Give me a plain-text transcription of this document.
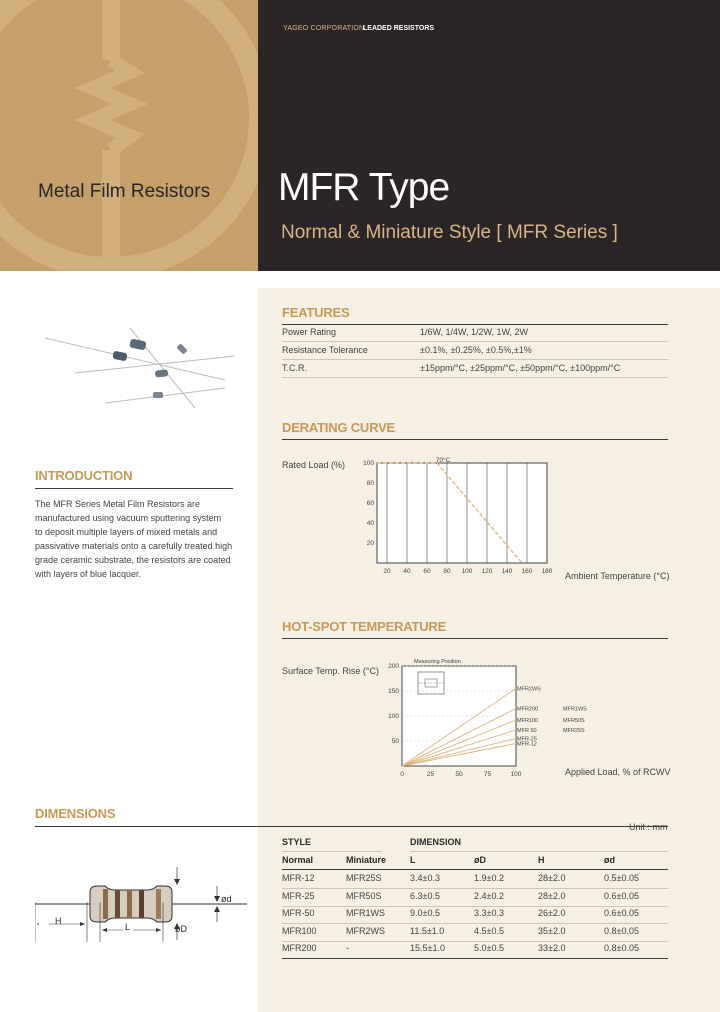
Metal Film Resistors
YAGEO CORPORATION
LEADED RESISTORS
MFR Type
Normal & Miniature Style [ MFR Series ]
FEATURES
Power Rating	1/6W, 1/4W, 1/2W, 1W, 2W
Resistance Tolerance	±0.1%, ±0.25%, ±0.5%,±1%
T.C.R.	±15ppm/°C, ±25ppm/°C, ±50ppm/°C, ±100ppm/°C
INTRODUCTION
The MFR Series Metal Film Resistors are
manufactured using vacuum sputtering system
to deposit multiple layers of mixed metals and
passivative materials onto a carefully treated high
grade ceramic substrate, the resistors are coated
with layers of blue lacquer.
DERATING CURVE
Rated Load (%)
Ambient Temperature (°C)
20 40 60 80 100 120 140 160 180
100
80
60
40
20
70°C
HOT-SPOT TEMPERATURE
Surface Temp. Rise (°C)
Applied Load, % of RCWV
200
150
100
50
0	25	50	75	100
Measuring Position
MFR2WS
MFR200
MFR100
MFR 50
MFR-25
MFR-12
MFR1WS
MFR50S
MFR25S
DIMENSIONS
Unit : mm
H
L
ød
øD
STYLE	DIMENSION
Normal	Miniature	L	øD	H	ød
MFR-12	MFR25S	3.4±0.3	1.9±0.2	28±2.0	0.5±0.05
MFR-25	MFR50S	6.3±0.5	2.4±0.2	28±2.0	0.6±0.05
MFR-50	MFR1WS	9.0±0.5	3.3±0.3	26±2.0	0.6±0.05
MFR100	MFR2WS	11.5±1.0	4.5±0.5	35±2.0	0.8±0.05
MFR200	-	15.5±1.0	5.0±0.5	33±2.0	0.8±0.05
